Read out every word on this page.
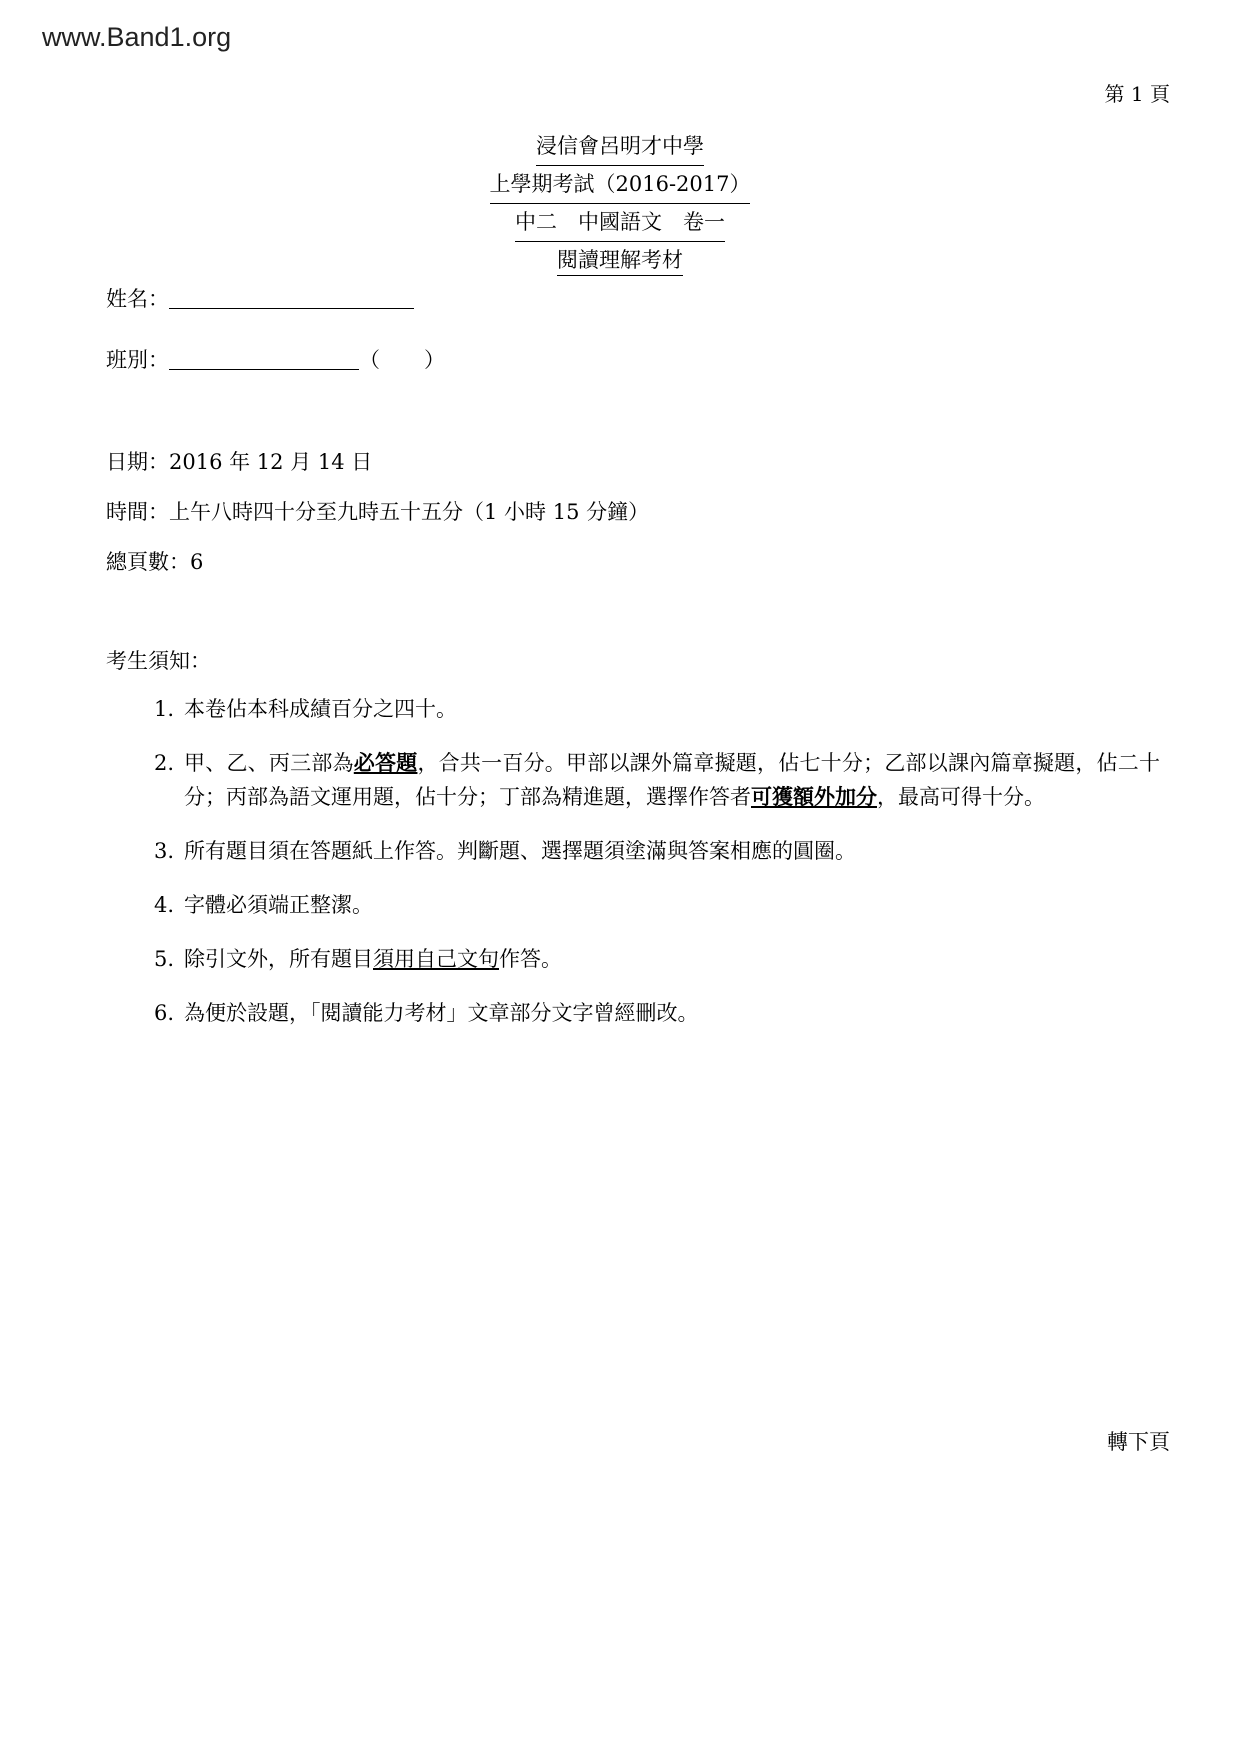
www.Band1.org
第 1 頁
浸信會呂明才中學
上學期考試（2016-2017）
中二　中國語文　卷一
閱讀理解考材
姓名：
班別：	（ ）
日期：2016 年 12 月 14 日
時間：上午八時四十分至九時五十五分（1 小時 15 分鐘）
總頁數：6
考生須知：
1. 本卷佔本科成績百分之四十。
2. 甲、乙、丙三部為必答題，合共一百分。甲部以課外篇章擬題，佔七十分；乙部以課內篇章擬題，佔二十分；丙部為語文運用題，佔十分；丁部為精進題，選擇作答者可獲額外加分，最高可得十分。
3. 所有題目須在答題紙上作答。判斷題、選擇題須塗滿與答案相應的圓圈。
4. 字體必須端正整潔。
5. 除引文外，所有題目須用自己文句作答。
6. 為便於設題，「閱讀能力考材」文章部分文字曾經刪改。
轉下頁
